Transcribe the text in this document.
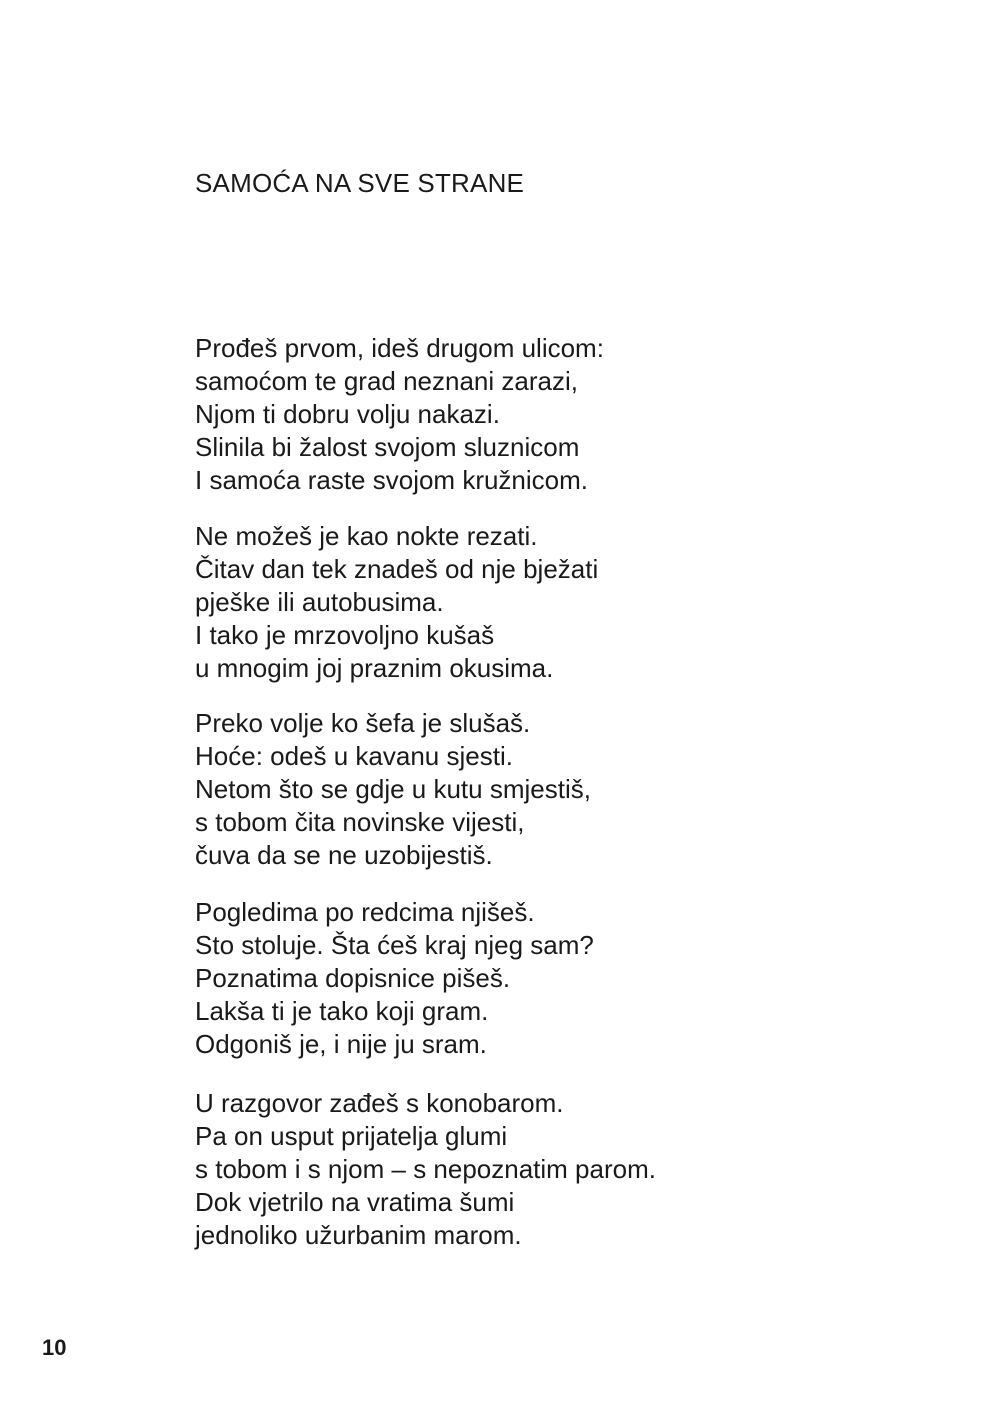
SAMOĆA NA SVE STRANE
Prođeš prvom, ideš drugom ulicom:
samoćom te grad neznani zarazi,
Njom ti dobru volju nakazi.
Slinila bi žalost svojom sluznicom
I samoća raste svojom kružnicom.
Ne možeš je kao nokte rezati.
Čitav dan tek znadeš od nje bježati
pješke ili autobusima.
I tako je mrzovoljno kušaš
u mnogim joj praznim okusima.
Preko volje ko šefa je slušaš.
Hoće: odeš u kavanu sjesti.
Netom što se gdje u kutu smjestiš,
s tobom čita novinske vijesti,
čuva da se ne uzobijestiš.
Pogledima po redcima njišeš.
Sto stoluje. Šta ćeš kraj njeg sam?
Poznatima dopisnice pišeš.
Lakša ti je tako koji gram.
Odgoniš je, i nije ju sram.
U razgovor zađeš s konobarom.
Pa on usput prijatelja glumi
s tobom i s njom – s nepoznatim parom.
Dok vjetrilo na vratima šumi
jednoliko užurbanim marom.
10
